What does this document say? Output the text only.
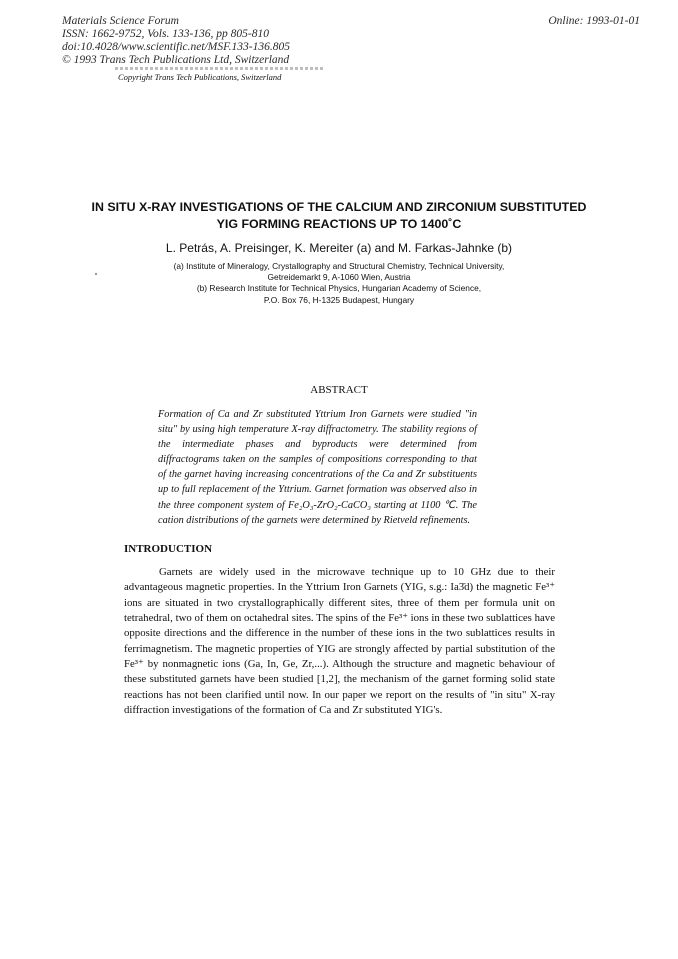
Materials Science Forum
ISSN: 1662-9752, Vols. 133-136, pp 805-810
doi:10.4028/www.scientific.net/MSF.133-136.805
© 1993 Trans Tech Publications Ltd, Switzerland
Online: 1993-01-01
Copyright Trans Tech Publications, Switzerland
IN SITU X-RAY INVESTIGATIONS OF THE CALCIUM AND ZIRCONIUM SUBSTITUTED YIG FORMING REACTIONS UP TO 1400˚C
L. Petrás, A. Preisinger, K. Mereiter (a) and M. Farkas-Jahnke (b)
(a) Institute of Mineralogy, Crystallography and Structural Chemistry, Technical University,
Getreidemarkt 9, A-1060 Wien, Austria
(b) Research Institute for Technical Physics, Hungarian Academy of Science,
P.O. Box 76, H-1325 Budapest, Hungary
ABSTRACT
Formation of Ca and Zr substituted Yttrium Iron Garnets were studied "in situ" by using high temperature X-ray diffractometry. The stability regions of the intermediate phases and byproducts were determined from diffractograms taken on the samples of compositions corresponding to that of the garnet having increasing concentrations of the Ca and Zr substituents up to full replacement of the Yttrium. Garnet formation was observed also in the three component system of Fe₂O₃-ZrO₂-CaCO₃ starting at 1100 ℃. The cation distributions of the garnets were determined by Rietveld refinements.
INTRODUCTION
Garnets are widely used in the microwave technique up to 10 GHz due to their advantageous magnetic properties. In the Yttrium Iron Garnets (YIG, s.g.: Ia3̄d) the magnetic Fe³⁺ ions are situated in two crystallographically different sites, three of them per formula unit on tetrahedral, two of them on octahedral sites. The spins of the Fe³⁺ ions in these two sublattices have opposite directions and the difference in the number of these ions in the two sublattices results in ferrimagnetism. The magnetic properties of YIG are strongly affected by partial substitution of the Fe³⁺ by nonmagnetic ions (Ga, In, Ge, Zr,...). Although the structure and magnetic behaviour of these substituted garnets have been studied [1,2], the mechanism of the garnet forming solid state reactions has not been clarified until now. In our paper we report on the results of "in situ" X-ray diffraction investigations of the formation of Ca and Zr substituted YIG's.
